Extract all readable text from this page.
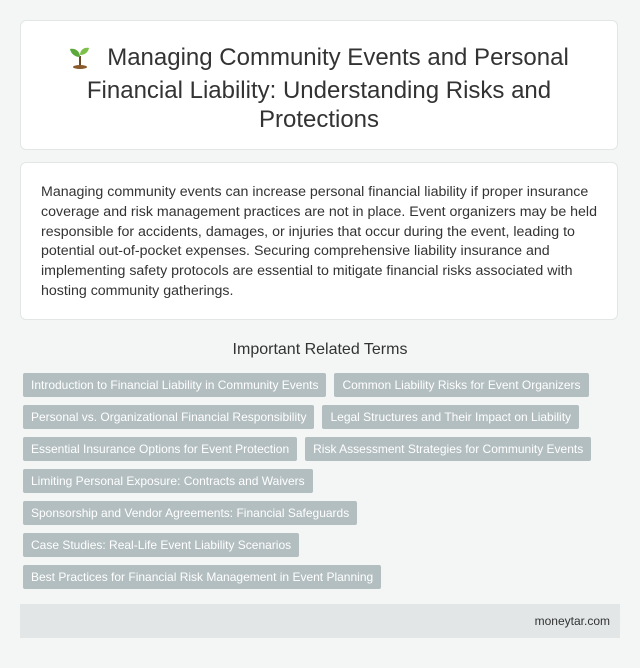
Managing Community Events and Personal Financial Liability: Understanding Risks and Protections

Managing community events can increase personal financial liability if proper insurance coverage and risk management practices are not in place. Event organizers may be held responsible for accidents, damages, or injuries that occur during the event, leading to potential out-of-pocket expenses. Securing comprehensive liability insurance and implementing safety protocols are essential to mitigate financial risks associated with hosting community gatherings.

Important Related Terms
Introduction to Financial Liability in Community Events	Common Liability Risks for Event Organizers
Personal vs. Organizational Financial Responsibility	Legal Structures and Their Impact on Liability
Essential Insurance Options for Event Protection	Risk Assessment Strategies for Community Events
Limiting Personal Exposure: Contracts and Waivers
Sponsorship and Vendor Agreements: Financial Safeguards
Case Studies: Real-Life Event Liability Scenarios
Best Practices for Financial Risk Management in Event Planning
moneytar.com
